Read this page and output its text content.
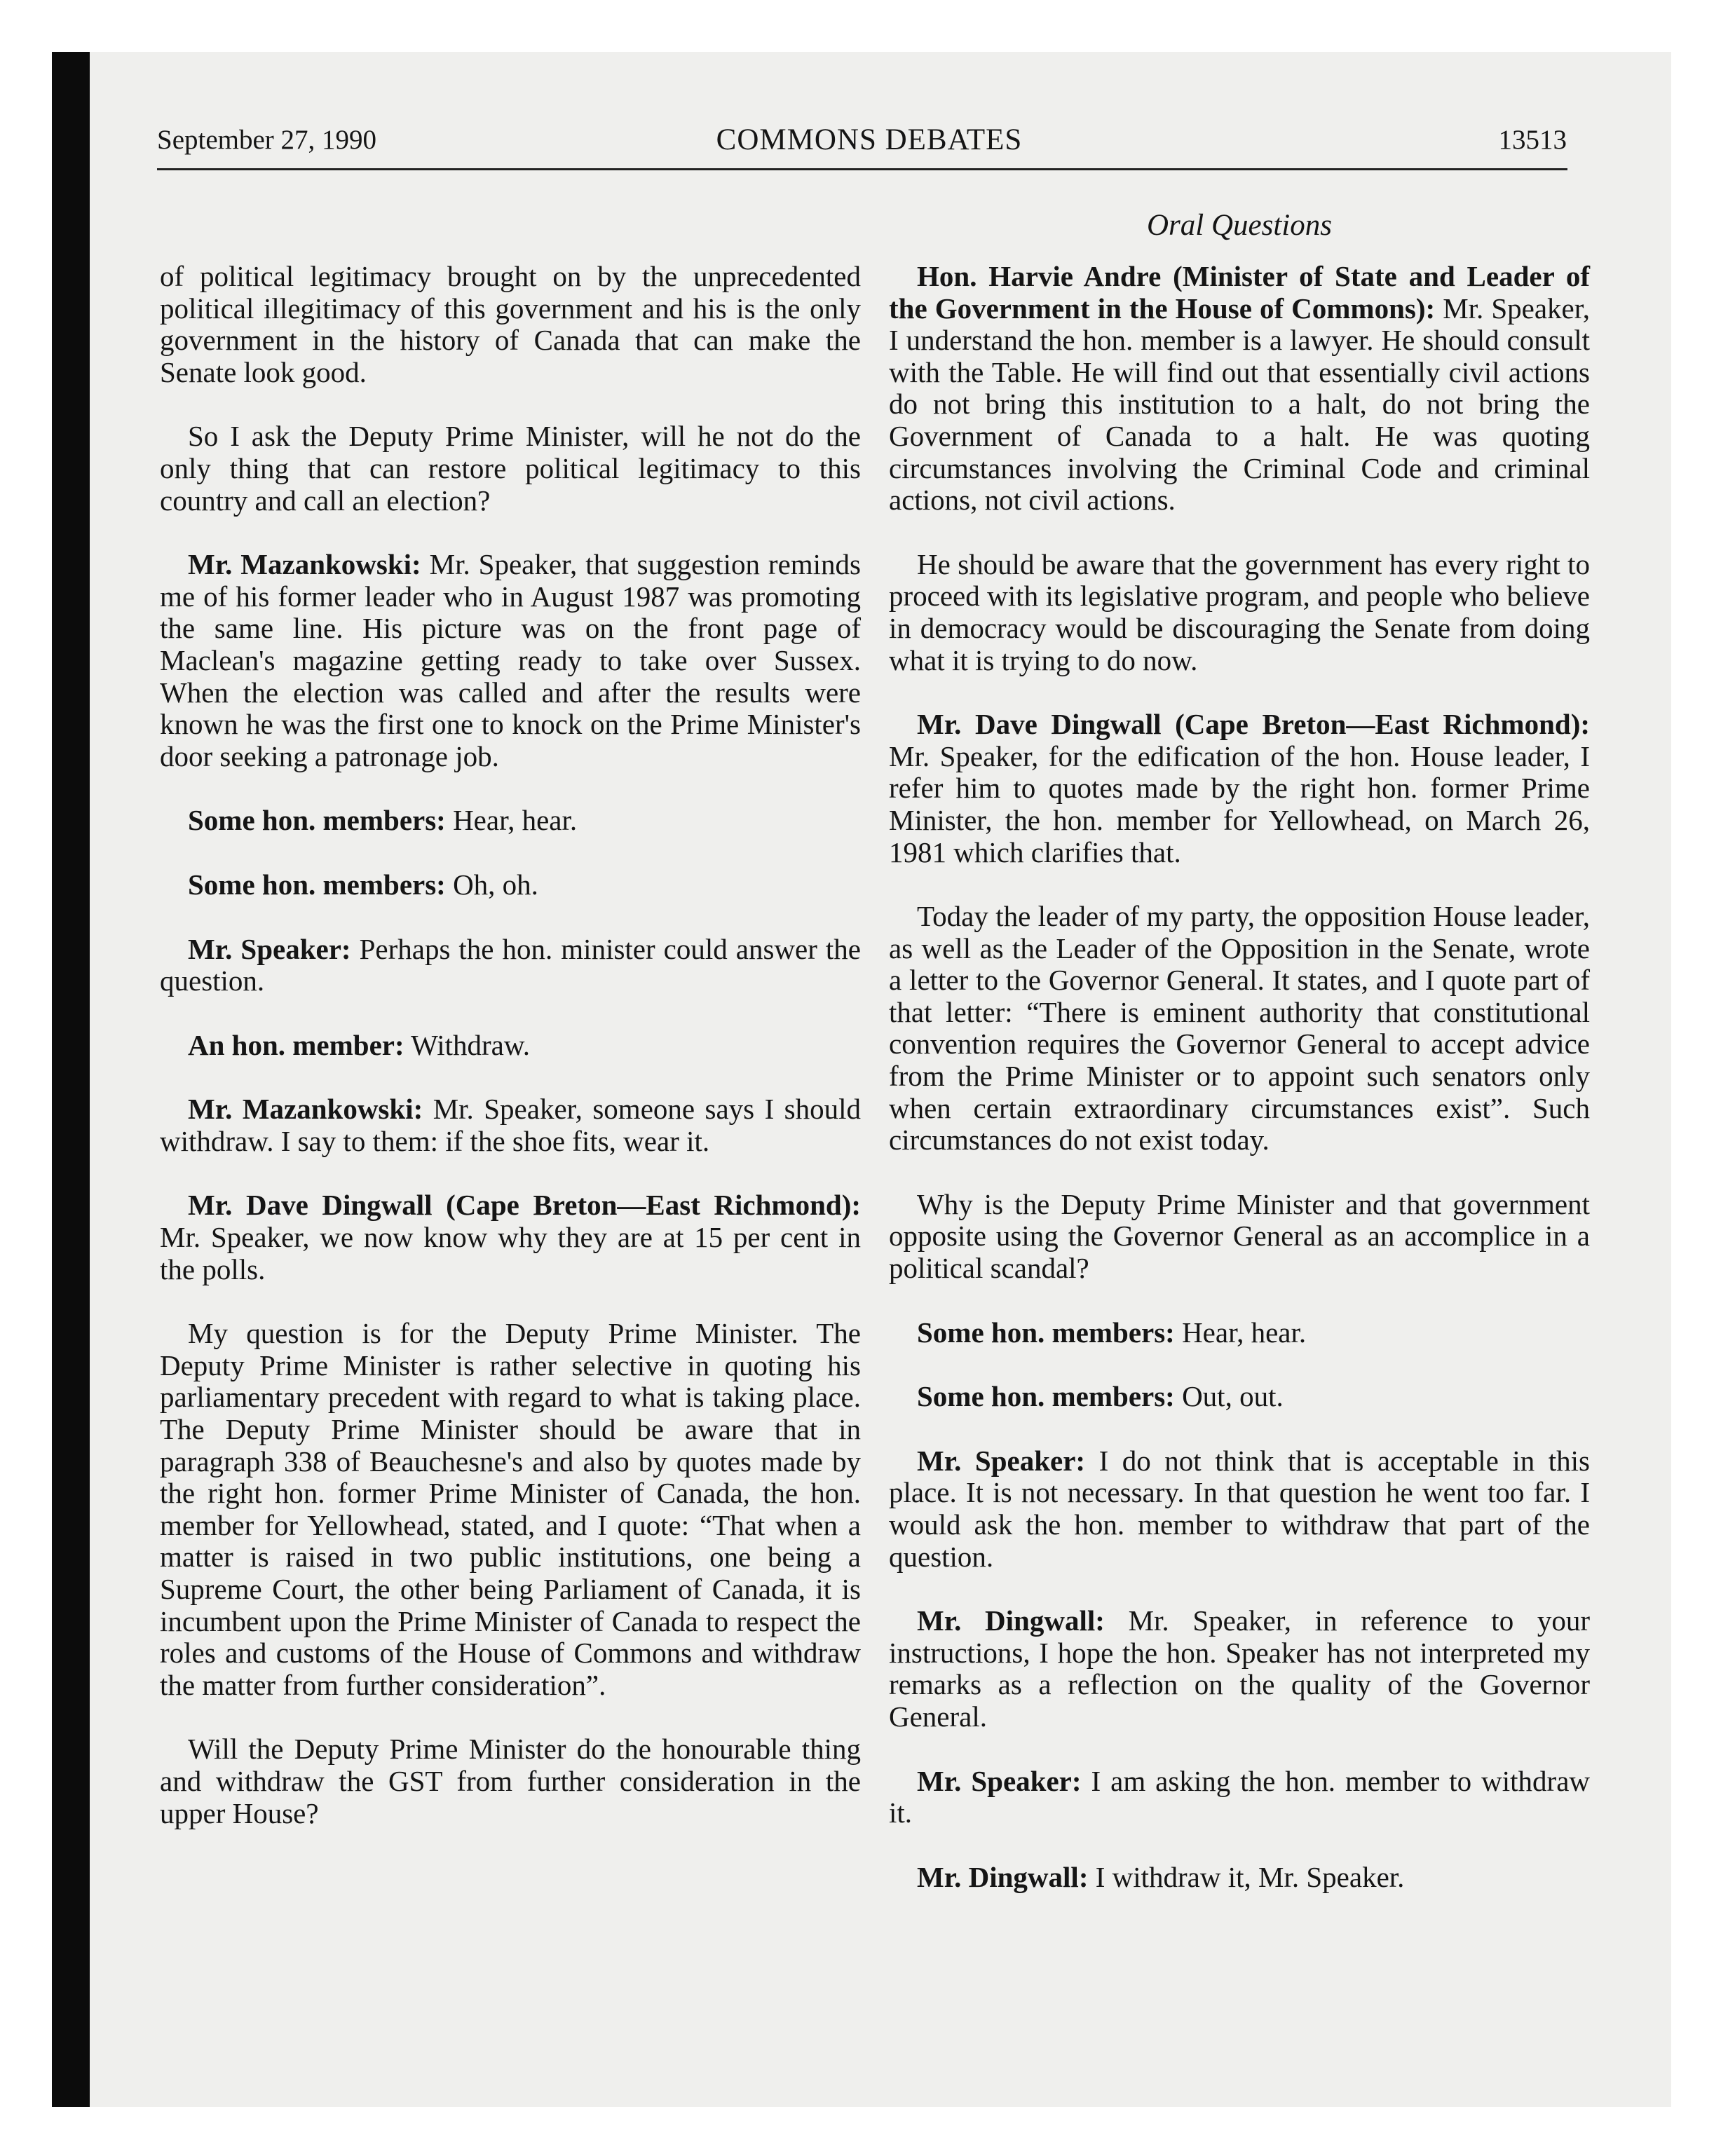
September 27, 1990	COMMONS DEBATES	13513
Oral Questions

of political legitimacy brought on by the unprecedented political illegitimacy of this government and his is the only government in the history of Canada that can make the Senate look good.

So I ask the Deputy Prime Minister, will he not do the only thing that can restore political legitimacy to this country and call an election?

Mr. Mazankowski: Mr. Speaker, that suggestion reminds me of his former leader who in August 1987 was promoting the same line. His picture was on the front page of Maclean's magazine getting ready to take over Sussex. When the election was called and after the results were known he was the first one to knock on the Prime Minister's door seeking a patronage job.

Some hon. members: Hear, hear.

Some hon. members: Oh, oh.

Mr. Speaker: Perhaps the hon. minister could answer the question.

An hon. member: Withdraw.

Mr. Mazankowski: Mr. Speaker, someone says I should withdraw. I say to them: if the shoe fits, wear it.

Mr. Dave Dingwall (Cape Breton—East Richmond): Mr. Speaker, we now know why they are at 15 per cent in the polls.

My question is for the Deputy Prime Minister. The Deputy Prime Minister is rather selective in quoting his parliamentary precedent with regard to what is taking place. The Deputy Prime Minister should be aware that in paragraph 338 of Beauchesne's and also by quotes made by the right hon. former Prime Minister of Canada, the hon. member for Yellowhead, stated, and I quote: “That when a matter is raised in two public institutions, one being a Supreme Court, the other being Parliament of Canada, it is incumbent upon the Prime Minister of Canada to respect the roles and customs of the House of Commons and withdraw the matter from further consideration”.

Will the Deputy Prime Minister do the honourable thing and withdraw the GST from further consideration in the upper House?

Hon. Harvie Andre (Minister of State and Leader of the Government in the House of Commons): Mr. Speaker, I understand the hon. member is a lawyer. He should consult with the Table. He will find out that essentially civil actions do not bring this institution to a halt, do not bring the Government of Canada to a halt. He was quoting circumstances involving the Criminal Code and criminal actions, not civil actions.

He should be aware that the government has every right to proceed with its legislative program, and people who believe in democracy would be discouraging the Senate from doing what it is trying to do now.

Mr. Dave Dingwall (Cape Breton—East Richmond): Mr. Speaker, for the edification of the hon. House leader, I refer him to quotes made by the right hon. former Prime Minister, the hon. member for Yellowhead, on March 26, 1981 which clarifies that.

Today the leader of my party, the opposition House leader, as well as the Leader of the Opposition in the Senate, wrote a letter to the Governor General. It states, and I quote part of that letter: “There is eminent authority that constitutional convention requires the Governor General to accept advice from the Prime Minister or to appoint such senators only when certain extraordinary circumstances exist”. Such circumstances do not exist today.

Why is the Deputy Prime Minister and that government opposite using the Governor General as an accomplice in a political scandal?

Some hon. members: Hear, hear.

Some hon. members: Out, out.

Mr. Speaker: I do not think that is acceptable in this place. It is not necessary. In that question he went too far. I would ask the hon. member to withdraw that part of the question.

Mr. Dingwall: Mr. Speaker, in reference to your instructions, I hope the hon. Speaker has not interpreted my remarks as a reflection on the quality of the Governor General.

Mr. Speaker: I am asking the hon. member to withdraw it.

Mr. Dingwall: I withdraw it, Mr. Speaker.
